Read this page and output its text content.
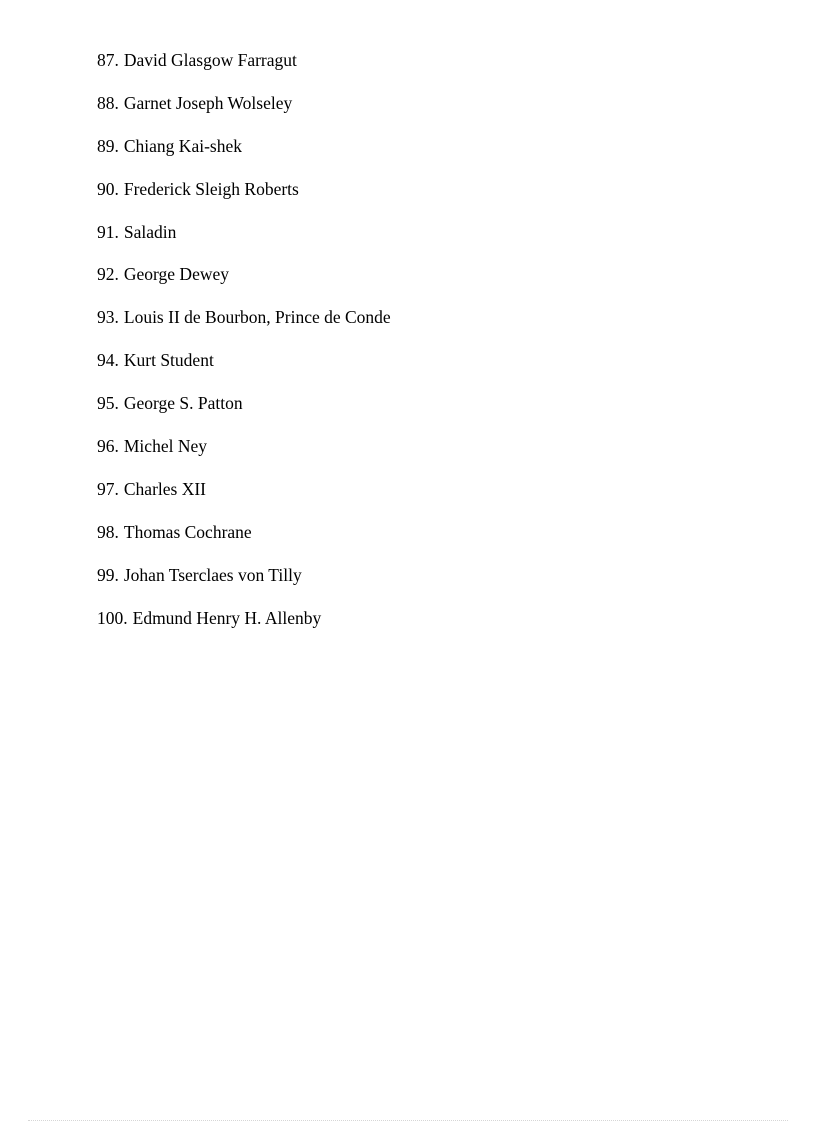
87. David Glasgow Farragut
88. Garnet Joseph Wolseley
89. Chiang Kai-shek
90. Frederick Sleigh Roberts
91. Saladin
92. George Dewey
93. Louis II de Bourbon, Prince de Conde
94. Kurt Student
95. George S. Patton
96. Michel Ney
97. Charles XII
98. Thomas Cochrane
99. Johan Tserclaes von Tilly
100. Edmund Henry H. Allenby
